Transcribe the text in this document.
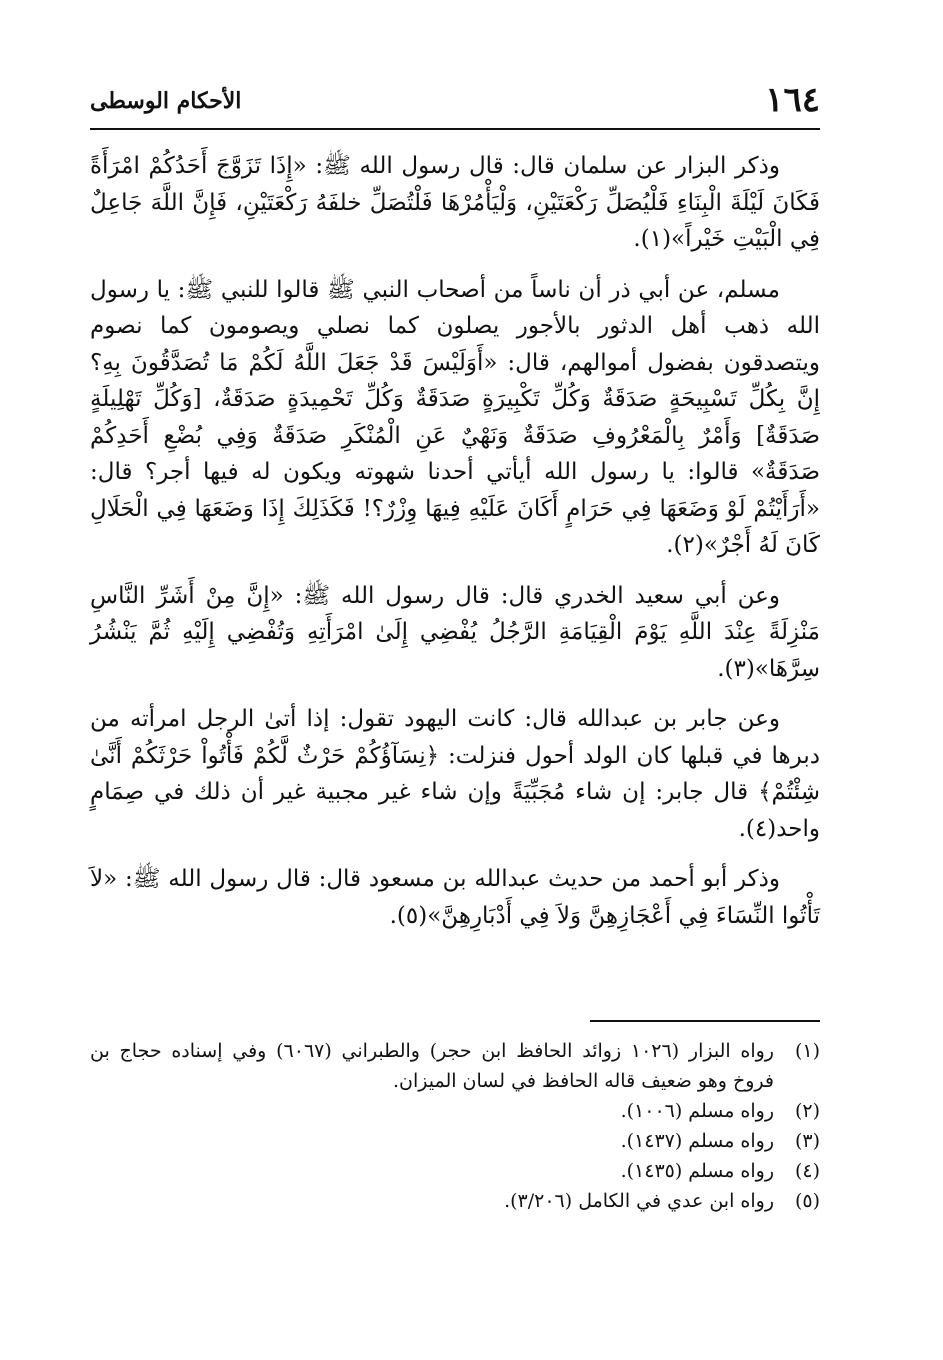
١٦٤
الأحكام الوسطى

وذكر البزار عن سلمان قال: قال رسول الله ﷺ: «إِذَا تَزَوَّجَ أَحَدُكُمْ امْرَأَةً فَكَانَ لَيْلَةَ الْبِنَاءِ فَلْيُصَلِّ رَكْعَتَيْنِ، وَلْيَأْمُرْهَا فَلْتُصَلِّ خلفَهُ رَكْعَتَيْنِ، فَإِنَّ اللَّهَ جَاعِلٌ فِي الْبَيْتِ خَيْراً»(١).

مسلم، عن أبي ذر أن ناساً من أصحاب النبي ﷺ قالوا للنبي ﷺ: يا رسول الله ذهب أهل الدثور بالأجور يصلون كما نصلي ويصومون كما نصوم ويتصدقون بفضول أموالهم، قال: «أَوَلَيْسَ قَدْ جَعَلَ اللَّهُ لَكُمْ مَا تُصَدَّقُونَ بِهِ؟ إِنَّ بِكُلِّ تَسْبِيحَةٍ صَدَقَةٌ وَكُلِّ تَكْبِيرَةٍ صَدَقَةٌ وَكُلِّ تَحْمِيدَةٍ صَدَقَةٌ، [وَكُلِّ تَهْلِيلَةٍ صَدَقَةٌ] وَأَمْرٌ بِالْمَعْرُوفِ صَدَقَةٌ وَنَهْيٌ عَنِ الْمُنْكَرِ صَدَقَةٌ وَفِي بُضْعِ أَحَدِكُمْ صَدَقَةٌ» قالوا: يا رسول الله أيأتي أحدنا شهوته ويكون له فيها أجر؟ قال: «أَرَأَيْتُمْ لَوْ وَضَعَهَا فِي حَرَامٍ أَكَانَ عَلَيْهِ فِيهَا وِزْرٌ؟! فَكَذَلِكَ إِذَا وَضَعَهَا فِي الْحَلَالِ كَانَ لَهُ أَجْرٌ»(٢).

وعن أبي سعيد الخدري قال: قال رسول الله ﷺ: «إِنَّ مِنْ أَشَرِّ النَّاسِ مَنْزِلَةً عِنْدَ اللَّهِ يَوْمَ الْقِيَامَةِ الرَّجُلُ يُفْضِي إِلَىٰ امْرَأَتِهِ وَتُفْضِي إِلَيْهِ ثُمَّ يَنْشُرُ سِرَّهَا»(٣).

وعن جابر بن عبدالله قال: كانت اليهود تقول: إذا أتىٰ الرجل امرأته من دبرها في قبلها كان الولد أحول فنزلت: ﴿نِسَآؤُكُمْ حَرْثٌ لَّكُمْ فَأْتُواْ حَرْثَكُمْ أَنَّىٰ شِئْتُمْ﴾ قال جابر: إن شاء مُجَبِّيَةً وإن شاء غير مجبية غير أن ذلك في صِمَامٍ واحد(٤).

وذكر أبو أحمد من حديث عبدالله بن مسعود قال: قال رسول الله ﷺ: «لاَ تَأْتُوا النِّسَاءَ فِي أَعْجَازِهِنَّ وَلاَ فِي أَدْبَارِهِنَّ»(٥).

(١)
رواه البزار (١٠٢٦ زوائد الحافظ ابن حجر) والطبراني (٦٠٦٧) وفي إسناده حجاج بن فروخ وهو ضعيف قاله الحافظ في لسان الميزان.

(٢)
رواه مسلم (١٠٠٦).

(٣)
رواه مسلم (١٤٣٧).

(٤)
رواه مسلم (١٤٣٥).

(٥)
رواه ابن عدي في الكامل (٣/٢٠٦).
